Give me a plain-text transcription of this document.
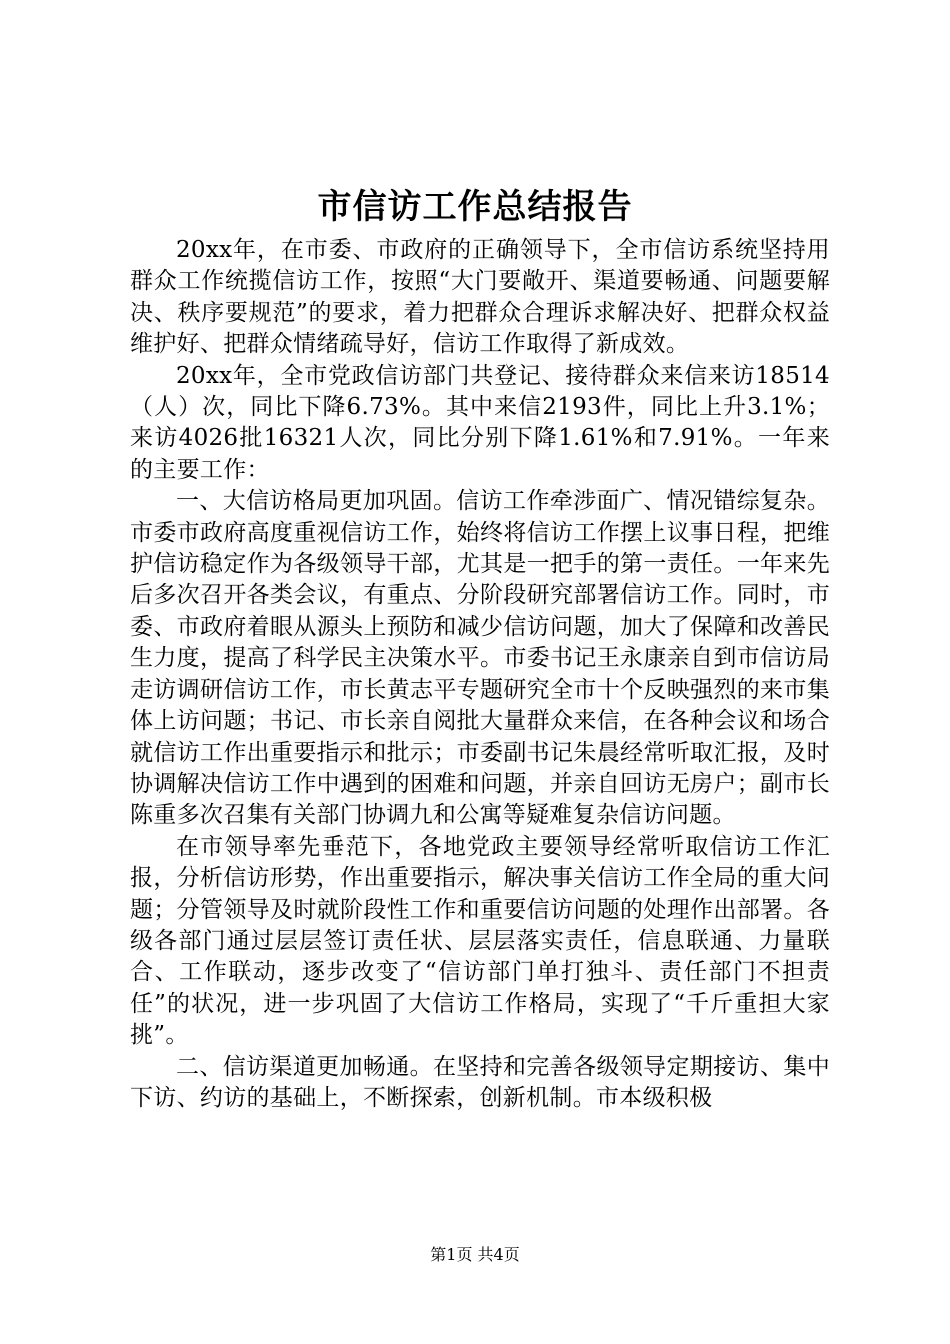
市信访工作总结报告

20xx年，在市委、市政府的正确领导下，全市信访系统坚持用群众工作统揽信访工作，按照“大门要敞开、渠道要畅通、问题要解决、秩序要规范”的要求，着力把群众合理诉求解决好、把群众权益维护好、把群众情绪疏导好，信访工作取得了新成效。

20xx年，全市党政信访部门共登记、接待群众来信来访18514（人）次，同比下降6.73%。其中来信2193件，同比上升3.1%；来访4026批16321人次，同比分别下降1.61%和7.91%。一年来的主要工作：

一、大信访格局更加巩固。信访工作牵涉面广、情况错综复杂。市委市政府高度重视信访工作，始终将信访工作摆上议事日程，把维护信访稳定作为各级领导干部，尤其是一把手的第一责任。一年来先后多次召开各类会议，有重点、分阶段研究部署信访工作。同时，市委、市政府着眼从源头上预防和减少信访问题，加大了保障和改善民生力度，提高了科学民主决策水平。市委书记王永康亲自到市信访局走访调研信访工作，市长黄志平专题研究全市十个反映强烈的来市集体上访问题；书记、市长亲自阅批大量群众来信，在各种会议和场合就信访工作出重要指示和批示；市委副书记朱晨经常听取汇报，及时协调解决信访工作中遇到的困难和问题，并亲自回访无房户；副市长陈重多次召集有关部门协调九和公寓等疑难复杂信访问题。

在市领导率先垂范下，各地党政主要领导经常听取信访工作汇报，分析信访形势，作出重要指示，解决事关信访工作全局的重大问题；分管领导及时就阶段性工作和重要信访问题的处理作出部署。各级各部门通过层层签订责任状、层层落实责任，信息联通、力量联合、工作联动，逐步改变了“信访部门单打独斗、责任部门不担责任”的状况，进一步巩固了大信访工作格局，实现了“千斤重担大家挑”。

二、信访渠道更加畅通。在坚持和完善各级领导定期接访、集中下访、约访的基础上，不断探索，创新机制。市本级积极

第1页 共4页
